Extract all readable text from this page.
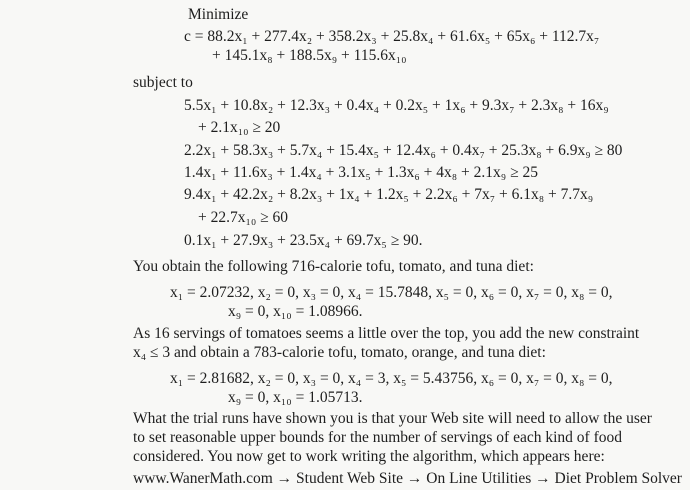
Minimize
c = 88.2x₁ + 277.4x₂ + 358.2x₃ + 25.8x₄ + 61.6x₅ + 65x₆ + 112.7x₇
+ 145.1x₈ + 188.5x₉ + 115.6x₁₀
subject to
5.5x₁ + 10.8x₂ + 12.3x₃ + 0.4x₄ + 0.2x₅ + 1x₆ + 9.3x₇ + 2.3x₈ + 16x₉
+ 2.1x₁₀ ≥ 20
2.2x₁ + 58.3x₃ + 5.7x₄ + 15.4x₅ + 12.4x₆ + 0.4x₇ + 25.3x₈ + 6.9x₉ ≥ 80
1.4x₁ + 11.6x₃ + 1.4x₄ + 3.1x₅ + 1.3x₆ + 4x₈ + 2.1x₉ ≥ 25
9.4x₁ + 42.2x₂ + 8.2x₃ + 1x₄ + 1.2x₅ + 2.2x₆ + 7x₇ + 6.1x₈ + 7.7x₉
+ 22.7x₁₀ ≥ 60
0.1x₁ + 27.9x₃ + 23.5x₄ + 69.7x₅ ≥ 90.
You obtain the following 716-calorie tofu, tomato, and tuna diet:
x₁ = 2.07232, x₂ = 0, x₃ = 0, x₄ = 15.7848, x₅ = 0, x₆ = 0, x₇ = 0, x₈ = 0,
x₉ = 0, x₁₀ = 1.08966.
As 16 servings of tomatoes seems a little over the top, you add the new constraint
x₄ ≤ 3 and obtain a 783-calorie tofu, tomato, orange, and tuna diet:
x₁ = 2.81682, x₂ = 0, x₃ = 0, x₄ = 3, x₅ = 5.43756, x₆ = 0, x₇ = 0, x₈ = 0,
x₉ = 0, x₁₀ = 1.05713.
What the trial runs have shown you is that your Web site will need to allow the user
to set reasonable upper bounds for the number of servings of each kind of food
considered. You now get to work writing the algorithm, which appears here:
www.WanerMath.com → Student Web Site → On Line Utilities → Diet Problem Solver
